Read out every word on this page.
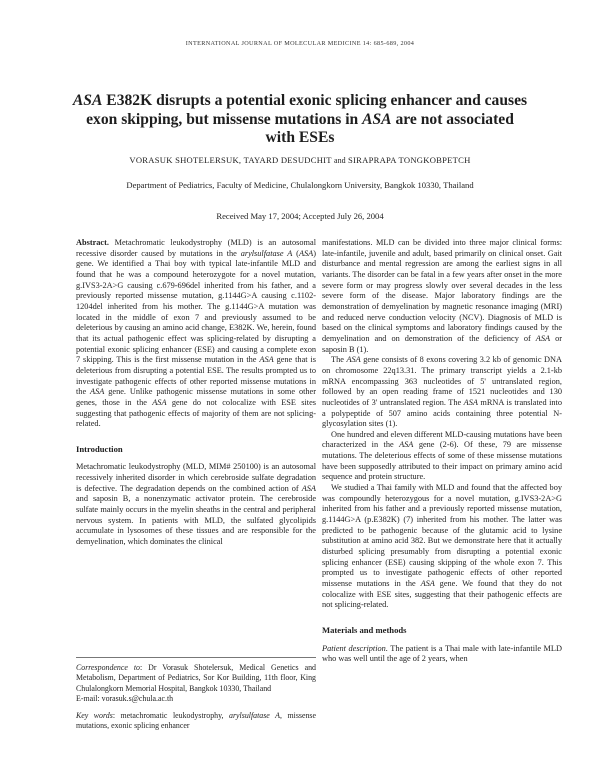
INTERNATIONAL JOURNAL OF MOLECULAR MEDICINE 14: 685-689, 2004
ASA E382K disrupts a potential exonic splicing enhancer and causes exon skipping, but missense mutations in ASA are not associated with ESEs
VORASUK SHOTELERSUK, TAYARD DESUDCHIT and SIRAPRAPA TONGKOBPETCH
Department of Pediatrics, Faculty of Medicine, Chulalongkorn University, Bangkok 10330, Thailand
Received May 17, 2004; Accepted July 26, 2004

Abstract. Metachromatic leukodystrophy (MLD) is an autosomal recessive disorder caused by mutations in the arylsulfatase A (ASA) gene. We identified a Thai boy with typical late-infantile MLD and found that he was a compound heterozygote for a novel mutation, g.IVS3-2A>G causing c.679-696del inherited from his father, and a previously reported missense mutation, g.1144G>A causing c.1102-1204del inherited from his mother. The g.1144G>A mutation was located in the middle of exon 7 and previously assumed to be deleterious by causing an amino acid change, E382K. We, herein, found that its actual pathogenic effect was splicing-related by disrupting a potential exonic splicing enhancer (ESE) and causing a complete exon 7 skipping. This is the first missense mutation in the ASA gene that is deleterious from disrupting a potential ESE. The results prompted us to investigate pathogenic effects of other reported missense mutations in the ASA gene. Unlike pathogenic missense mutations in some other genes, those in the ASA gene do not colocalize with ESE sites suggesting that pathogenic effects of majority of them are not splicing-related.

Introduction

Metachromatic leukodystrophy (MLD, MIM# 250100) is an autosomal recessively inherited disorder in which cerebroside sulfate degradation is defective. The degradation depends on the combined action of ASA and saposin B, a nonenzymatic activator protein. The cerebroside sulfate mainly occurs in the myelin sheaths in the central and peripheral nervous system. In patients with MLD, the sulfated glycolipids accumulate in lysosomes of these tissues and are responsible for the demyelination, which dominates the clinical

Correspondence to: Dr Vorasuk Shotelersuk, Medical Genetics and Metabolism, Department of Pediatrics, Sor Kor Building, 11th floor, King Chulalongkorn Memorial Hospital, Bangkok 10330, Thailand

E-mail: vorasuk.s@chula.ac.th

Key words: metachromatic leukodystrophy, arylsulfatase A, missense mutations, exonic splicing enhancer

manifestations. MLD can be divided into three major clinical forms: late-infantile, juvenile and adult, based primarily on clinical onset. Gait disturbance and mental regression are among the earliest signs in all variants. The disorder can be fatal in a few years after onset in the more severe form or may progress slowly over several decades in the less severe form of the disease. Major laboratory findings are the demonstration of demyelination by magnetic resonance imaging (MRI) and reduced nerve conduction velocity (NCV). Diagnosis of MLD is based on the clinical symptoms and laboratory findings caused by the demyelination and on demonstration of the deficiency of ASA or saposin B (1).

The ASA gene consists of 8 exons covering 3.2 kb of genomic DNA on chromosome 22q13.31. The primary transcript yields a 2.1-kb mRNA encompassing 363 nucleotides of 5' untranslated region, followed by an open reading frame of 1521 nucleotides and 130 nucleotides of 3' untranslated region. The ASA mRNA is translated into a polypeptide of 507 amino acids containing three potential N-glycosylation sites (1).

One hundred and eleven different MLD-causing mutations have been characterized in the ASA gene (2-6). Of these, 79 are missense mutations. The deleterious effects of some of these missense mutations have been supposedly attributed to their impact on primary amino acid sequence and protein structure.

We studied a Thai family with MLD and found that the affected boy was compoundly heterozygous for a novel mutation, g.IVS3-2A>G inherited from his father and a previously reported missense mutation, g.1144G>A (p.E382K) (7) inherited from his mother. The latter was predicted to be pathogenic because of the glutamic acid to lysine substitution at amino acid 382. But we demonstrate here that it actually disturbed splicing presumably from disrupting a potential exonic splicing enhancer (ESE) causing skipping of the whole exon 7. This prompted us to investigate pathogenic effects of other reported missense mutations in the ASA gene. We found that they do not colocalize with ESE sites, suggesting that their pathogenic effects are not splicing-related.

Materials and methods

Patient description. The patient is a Thai male with late-infantile MLD who was well until the age of 2 years, when
